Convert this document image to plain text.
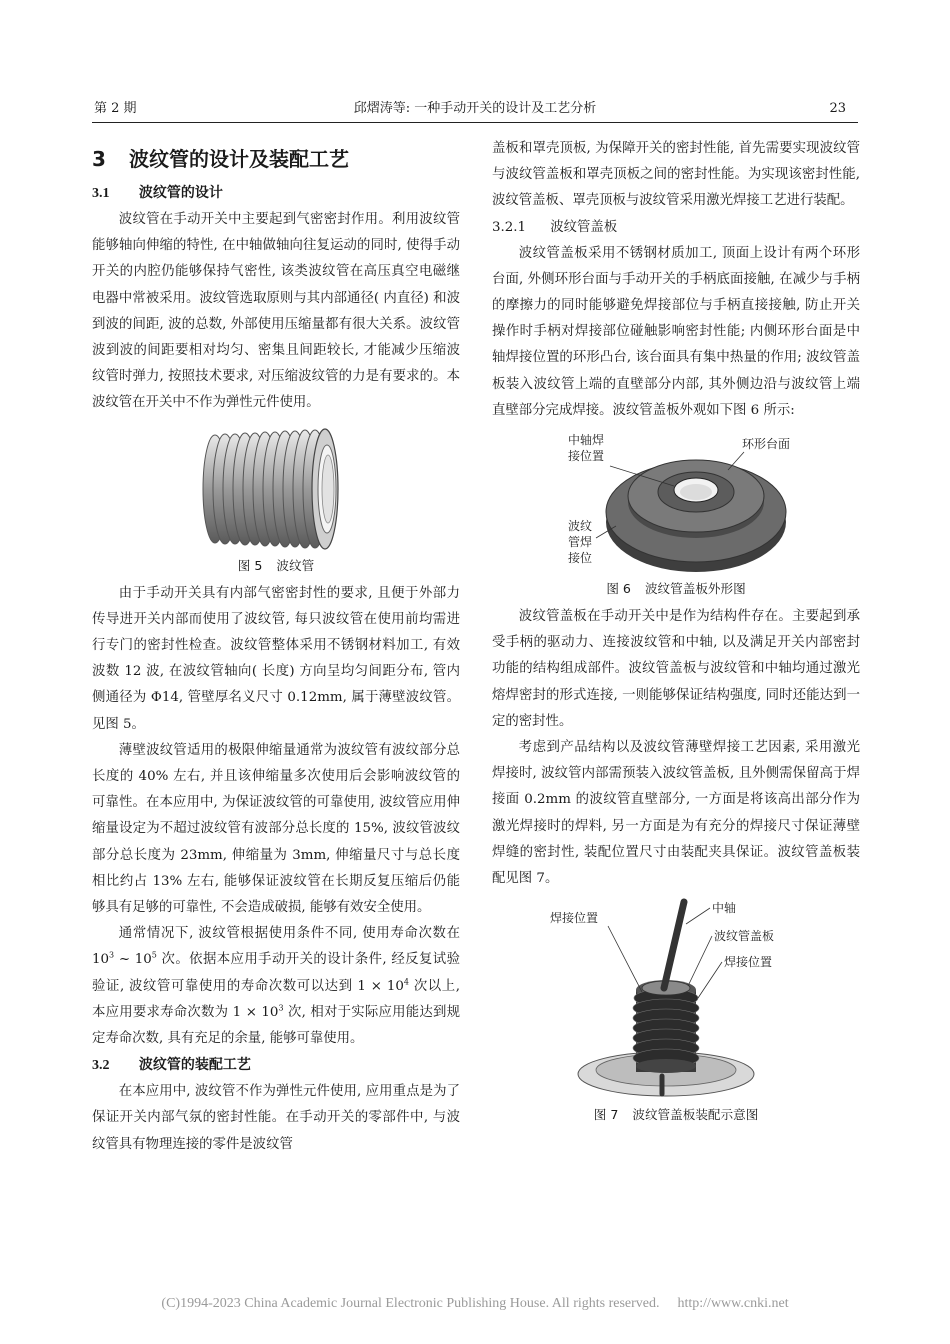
第 2 期	邱熠涛等: 一种手动开关的设计及工艺分析	23
3 波纹管的设计及装配工艺
3.1 波纹管的设计

波纹管在手动开关中主要起到气密密封作用。利用波纹管能够轴向伸缩的特性, 在中轴做轴向往复运动的同时, 使得手动开关的内腔仍能够保持气密性, 该类波纹管在高压真空电磁继电器中常被采用。波纹管选取原则与其内部通径( 内直径) 和波到波的间距, 波的总数, 外部使用压缩量都有很大关系。波纹管波到波的间距要相对均匀、密集且间距较长, 才能减少压缩波纹管时弹力, 按照技术要求, 对压缩波纹管的力是有要求的。本波纹管在开关中不作为弹性元件使用。

图 5 波纹管

由于手动开关具有内部气密密封性的要求, 且便于外部力传导进开关内部而使用了波纹管, 每只波纹管在使用前均需进行专门的密封性检查。波纹管整体采用不锈钢材料加工, 有效波数 12 波, 在波纹管轴向( 长度) 方向呈均匀间距分布, 管内侧通径为 Φ14, 管壁厚名义尺寸 0.12mm, 属于薄壁波纹管。见图 5。

薄壁波纹管适用的极限伸缩量通常为波纹管有波纹部分总长度的 40% 左右, 并且该伸缩量多次使用后会影响波纹管的可靠性。在本应用中, 为保证波纹管的可靠使用, 波纹管应用伸缩量设定为不超过波纹管有波部分总长度的 15%, 波纹管波纹部分总长度为 23mm, 伸缩量为 3mm, 伸缩量尺寸与总长度相比约占 13% 左右, 能够保证波纹管在长期反复压缩后仍能够具有足够的可靠性, 不会造成破损, 能够有效安全使用。

通常情况下, 波纹管根据使用条件不同, 使用寿命次数在 $10^3$ ~ $10^5$ 次。依据本应用手动开关的设计条件, 经反复试验验证, 波纹管可靠使用的寿命次数可以达到 $1 \times 10^4$ 次以上, 本应用要求寿命次数为 $1 \times 10^3$ 次, 相对于实际应用能达到规定寿命次数, 具有充足的余量, 能够可靠使用。

3.2 波纹管的装配工艺

在本应用中, 波纹管不作为弹性元件使用, 应用重点是为了保证开关内部气氛的密封性能。在手动开关的零部件中, 与波纹管具有物理连接的零件是波纹管

盖板和罩壳顶板, 为保障开关的密封性能, 首先需要实现波纹管与波纹管盖板和罩壳顶板之间的密封性能。为实现该密封性能, 波纹管盖板、罩壳顶板与波纹管采用激光焊接工艺进行装配。

3.2.1 波纹管盖板

波纹管盖板采用不锈钢材质加工, 顶面上设计有两个环形台面, 外侧环形台面与手动开关的手柄底面接触, 在减少与手柄的摩擦力的同时能够避免焊接部位与手柄直接接触, 防止开关操作时手柄对焊接部位碰触影响密封性能; 内侧环形台面是中轴焊接位置的环形凸台, 该台面具有集中热量的作用; 波纹管盖板装入波纹管上端的直壁部分内部, 其外侧边沿与波纹管上端直壁部分完成焊接。波纹管盖板外观如下图 6 所示:

中轴焊
接位置
环形台面
波纹
管焊
接位
图 6 波纹管盖板外形图

波纹管盖板在手动开关中是作为结构件存在。主要起到承受手柄的驱动力、连接波纹管和中轴, 以及满足开关内部密封功能的结构组成部件。波纹管盖板与波纹管和中轴均通过激光熔焊密封的形式连接, 一则能够保证结构强度, 同时还能达到一定的密封性。

考虑到产品结构以及波纹管薄壁焊接工艺因素, 采用激光焊接时, 波纹管内部需预装入波纹管盖板, 且外侧需保留高于焊接面 0.2mm 的波纹管直壁部分, 一方面是将该高出部分作为激光焊接时的焊料, 另一方面是为有充分的焊接尺寸保证薄壁焊缝的密封性, 装配位置尺寸由装配夹具保证。波纹管盖板装配见图 7。

焊接位置
中轴
波纹管盖板
焊接位置
图 7 波纹管盖板装配示意图
(C)1994-2023 China Academic Journal Electronic Publishing House. All rights reserved. http://www.cnki.net
